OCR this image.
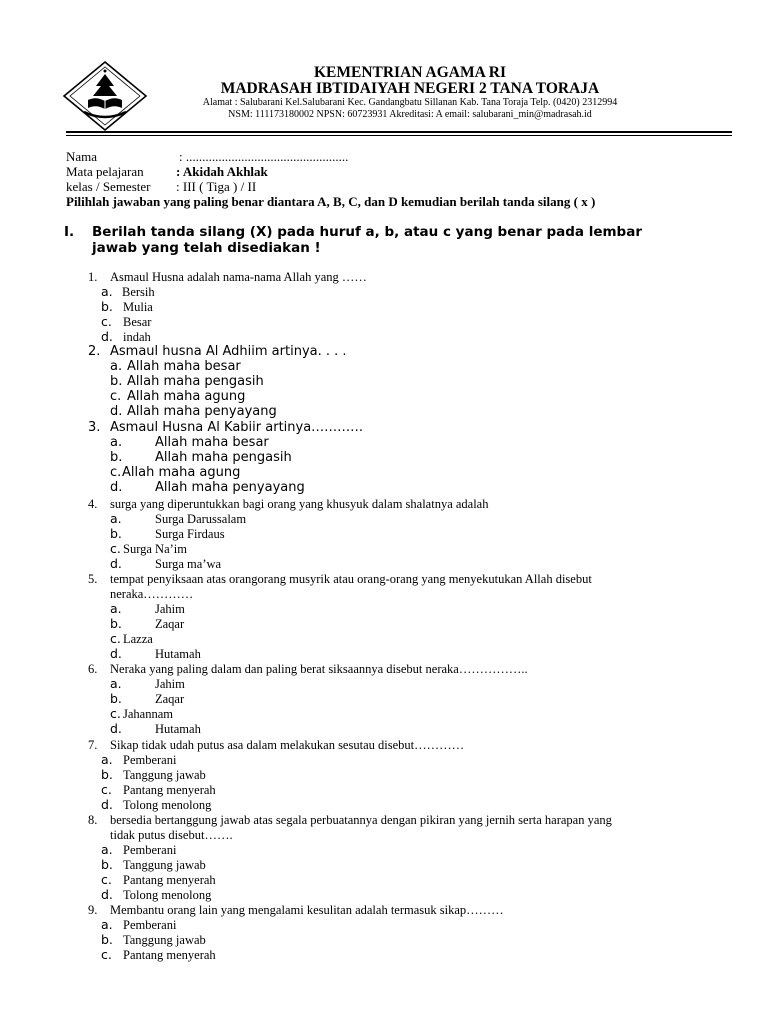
KEMENTRIAN AGAMA RI
MADRASAH IBTIDAIYAH NEGERI 2 TANA TORAJA
Alamat : Salubarani Kel.Salubarani Kec. Gandangbatu Sillanan Kab. Tana Toraja Telp. (0420) 2312994
NSM: 111173180002 NPSN: 60723931 Akreditasi: A email: salubarani_min@madrasah.id
Nama	: ..................................................
Mata pelajaran : Akidah Akhlak
kelas / Semester : III ( Tiga ) / II
Pilihlah jawaban yang paling benar diantara A, B, C, dan D kemudian berilah tanda silang ( x )
I. Berilah tanda silang (X) pada huruf a, b, atau c yang benar pada lembar
jawab yang telah disediakan !
1. Asmaul Husna adalah nama-nama Allah yang ……
a. Bersih
b. Mulia
c. Besar
d. indah
2. Asmaul husna Al Adhiim artinya. . . .
a. Allah maha besar
b. Allah maha pengasih
c. Allah maha agung
d. Allah maha penyayang
3. Asmaul Husna Al Kabiir artinya…………
a.	Allah maha besar
b.	Allah maha pengasih
c. Allah maha agung
d.	Allah maha penyayang
4. surga yang diperuntukkan bagi orang yang khusyuk dalam shalatnya adalah
a.	Surga Darussalam
b.	Surga Firdaus
c. Surga Na’im
d.	Surga ma’wa
5. tempat penyiksaan atas orangorang musyrik atau orang-orang yang menyekutukan Allah disebut
neraka…………
a.	Jahim
b.	Zaqar
c. Lazza
d.	Hutamah
6. Neraka yang paling dalam dan paling berat siksaannya disebut neraka……………..
a.	Jahim
b.	Zaqar
c. Jahannam
d.	Hutamah
7. Sikap tidak udah putus asa dalam melakukan sesutau disebut…………
a. Pemberani
b. Tanggung jawab
c. Pantang menyerah
d. Tolong menolong
8. bersedia bertanggung jawab atas segala perbuatannya dengan pikiran yang jernih serta harapan yang
tidak putus disebut…….
a. Pemberani
b. Tanggung jawab
c. Pantang menyerah
d. Tolong menolong
9. Membantu orang lain yang mengalami kesulitan adalah termasuk sikap………
a. Pemberani
b. Tanggung jawab
c. Pantang menyerah
